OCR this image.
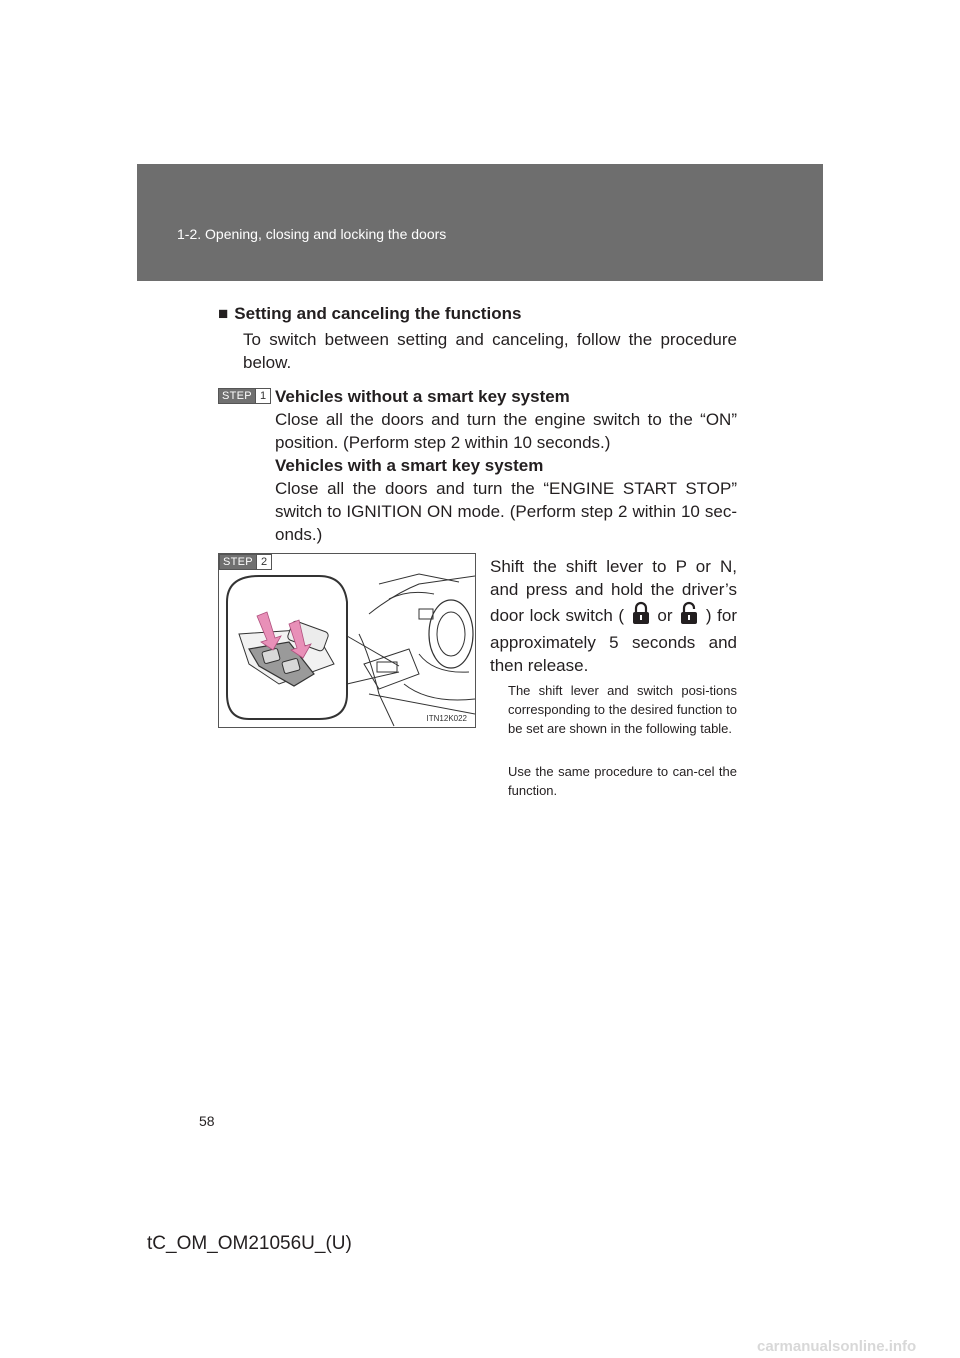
1-2. Opening, closing and locking the doors
■ Setting and canceling the functions
To switch between setting and canceling, follow the procedure below.
STEP 1 Vehicles without a smart key system
Close all the doors and turn the engine switch to the “ON” position. (Perform step 2 within 10 seconds.)
Vehicles with a smart key system
Close all the doors and turn the “ENGINE START STOP” switch to IGNITION ON mode. (Perform step 2 within 10 sec-onds.)
STEP 2
ITN12K022
Shift the shift lever to P or N, and press and hold the driver’s door lock switch ( or ) for approximately 5 seconds and then release.
The shift lever and switch posi-tions corresponding to the desired function to be set are shown in the following table.
Use the same procedure to can-cel the function.
58
tC_OM_OM21056U_(U)
carmanualsonline.info
